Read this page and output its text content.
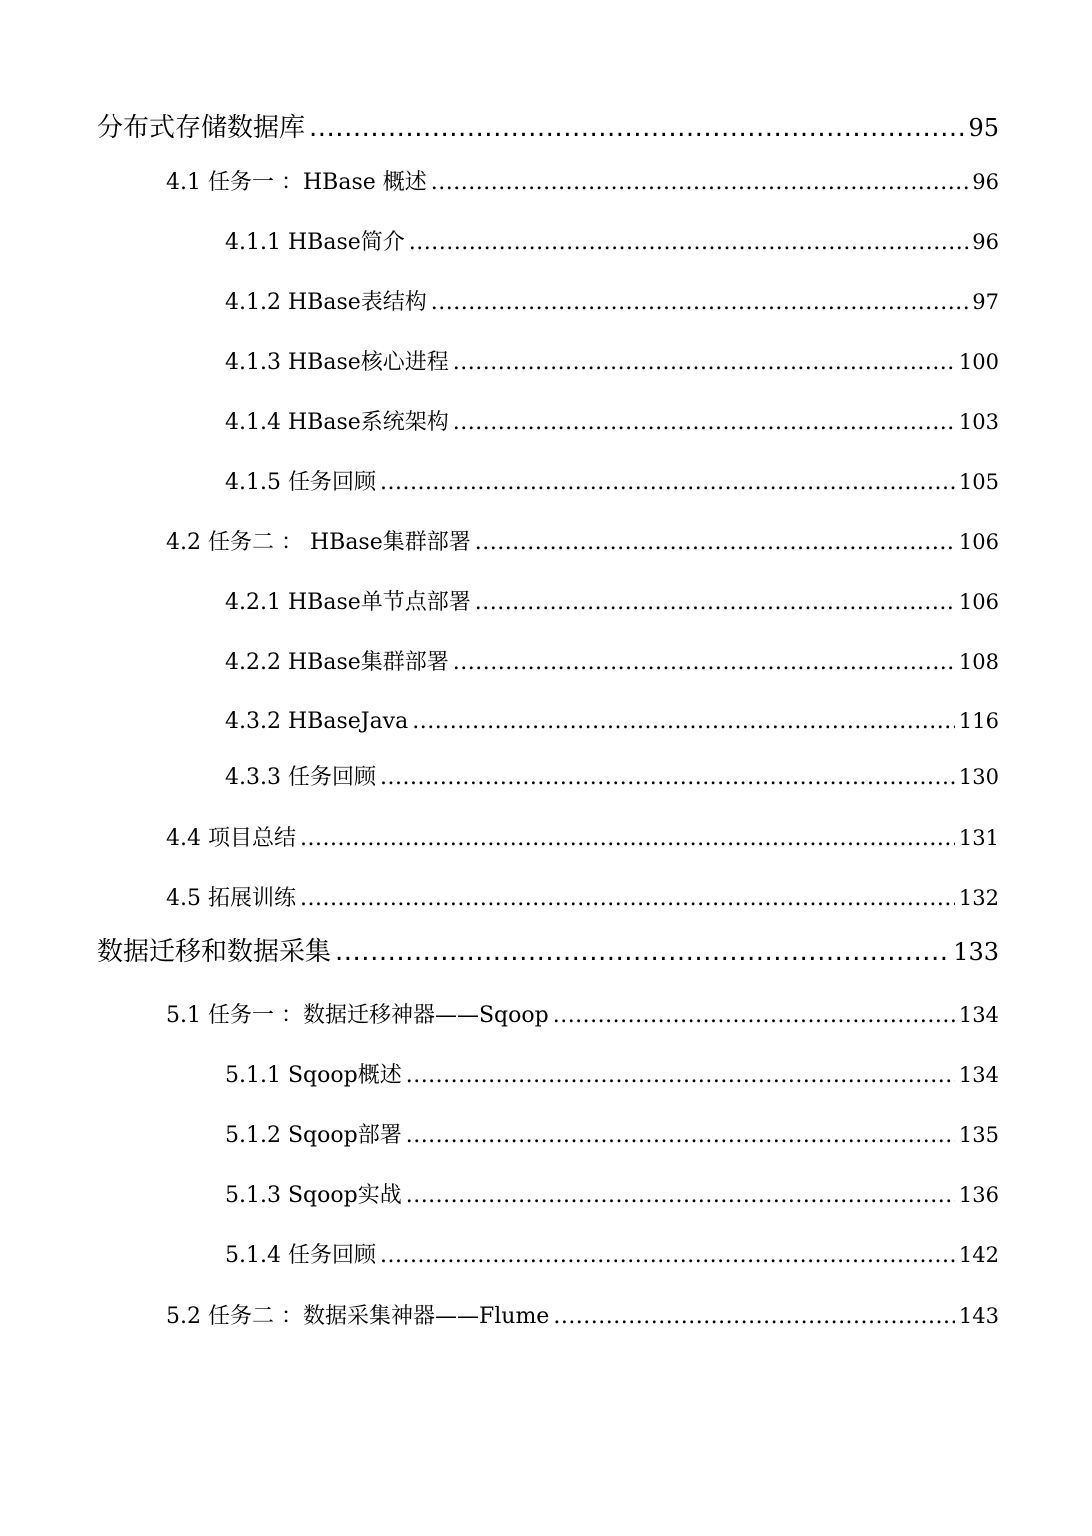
分布式存储数据库 .....	95
4.1 任务一 ：HBase 概述 .....	96
4.1.1 HBase简介 .....	96
4.1.2 HBase表结构 .....	97
4.1.3 HBase核心进程 .....	100
4.1.4 HBase系统架构 .....	103
4.1.5 任务回顾 .....	105
4.2 任务二 ： HBase集群部署 .....	106
4.2.1 HBase单节点部署 .....	106
4.2.2 HBase集群部署 .....	108
4.3.2 HBaseJava .....	116
4.3.3 任务回顾 .....	130
4.4 项目总结 .....	131
4.5 拓展训练 .....	132
数据迁移和数据采集 .....	133
5.1 任务一 ：数据迁移神器——Sqoop .....	134
5.1.1 Sqoop概述 .....	134
5.1.2 Sqoop部署 .....	135
5.1.3 Sqoop实战 .....	136
5.1.4 任务回顾 .....	142
5.2 任务二 ：数据采集神器——Flume .....	143
